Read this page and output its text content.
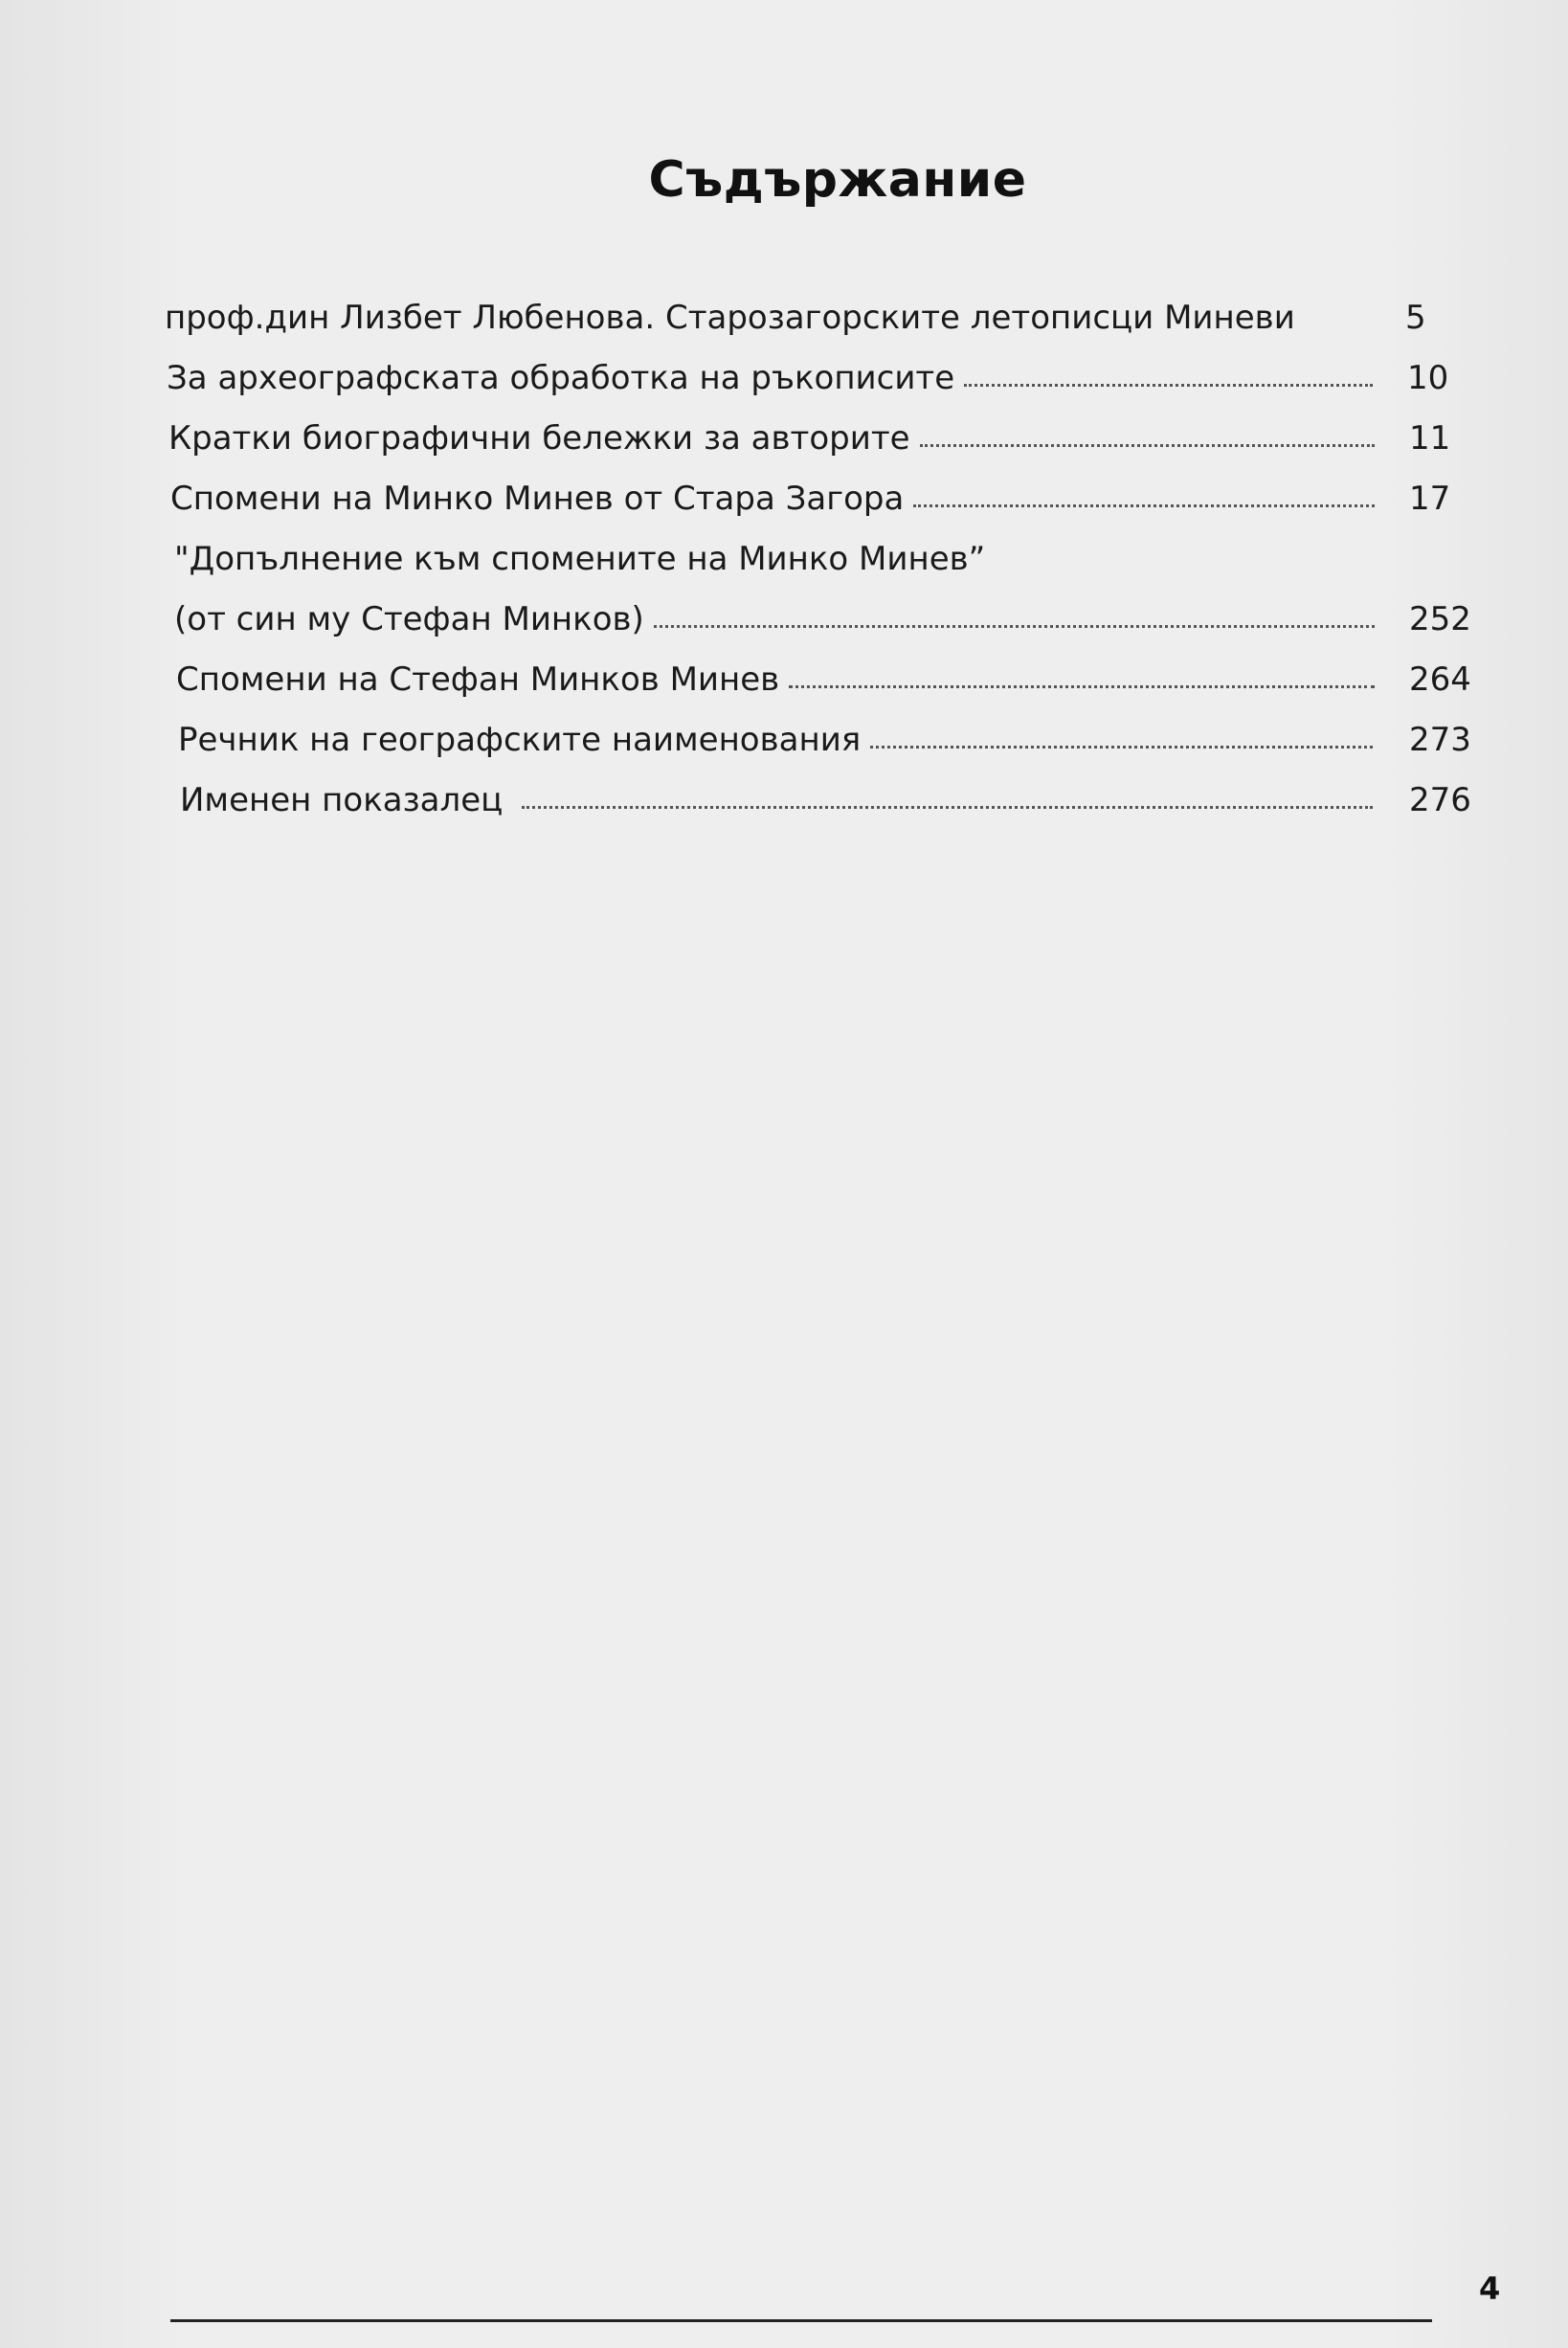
Съдържание
проф.дин Лизбет Любенова. Старозагорските летописци Миневи	5
За археографската обработка на ръкописите	10
Кратки биографични бележки за авторите	11
Спомени на Минко Минев от Стара Загора	17
"Допълнение към спомените на Минко Минев”
(от син му Стефан Минков)	252
Спомени на Стефан Минков Минев	264
Речник на географските наименования	273
Именен показалец	276
4
